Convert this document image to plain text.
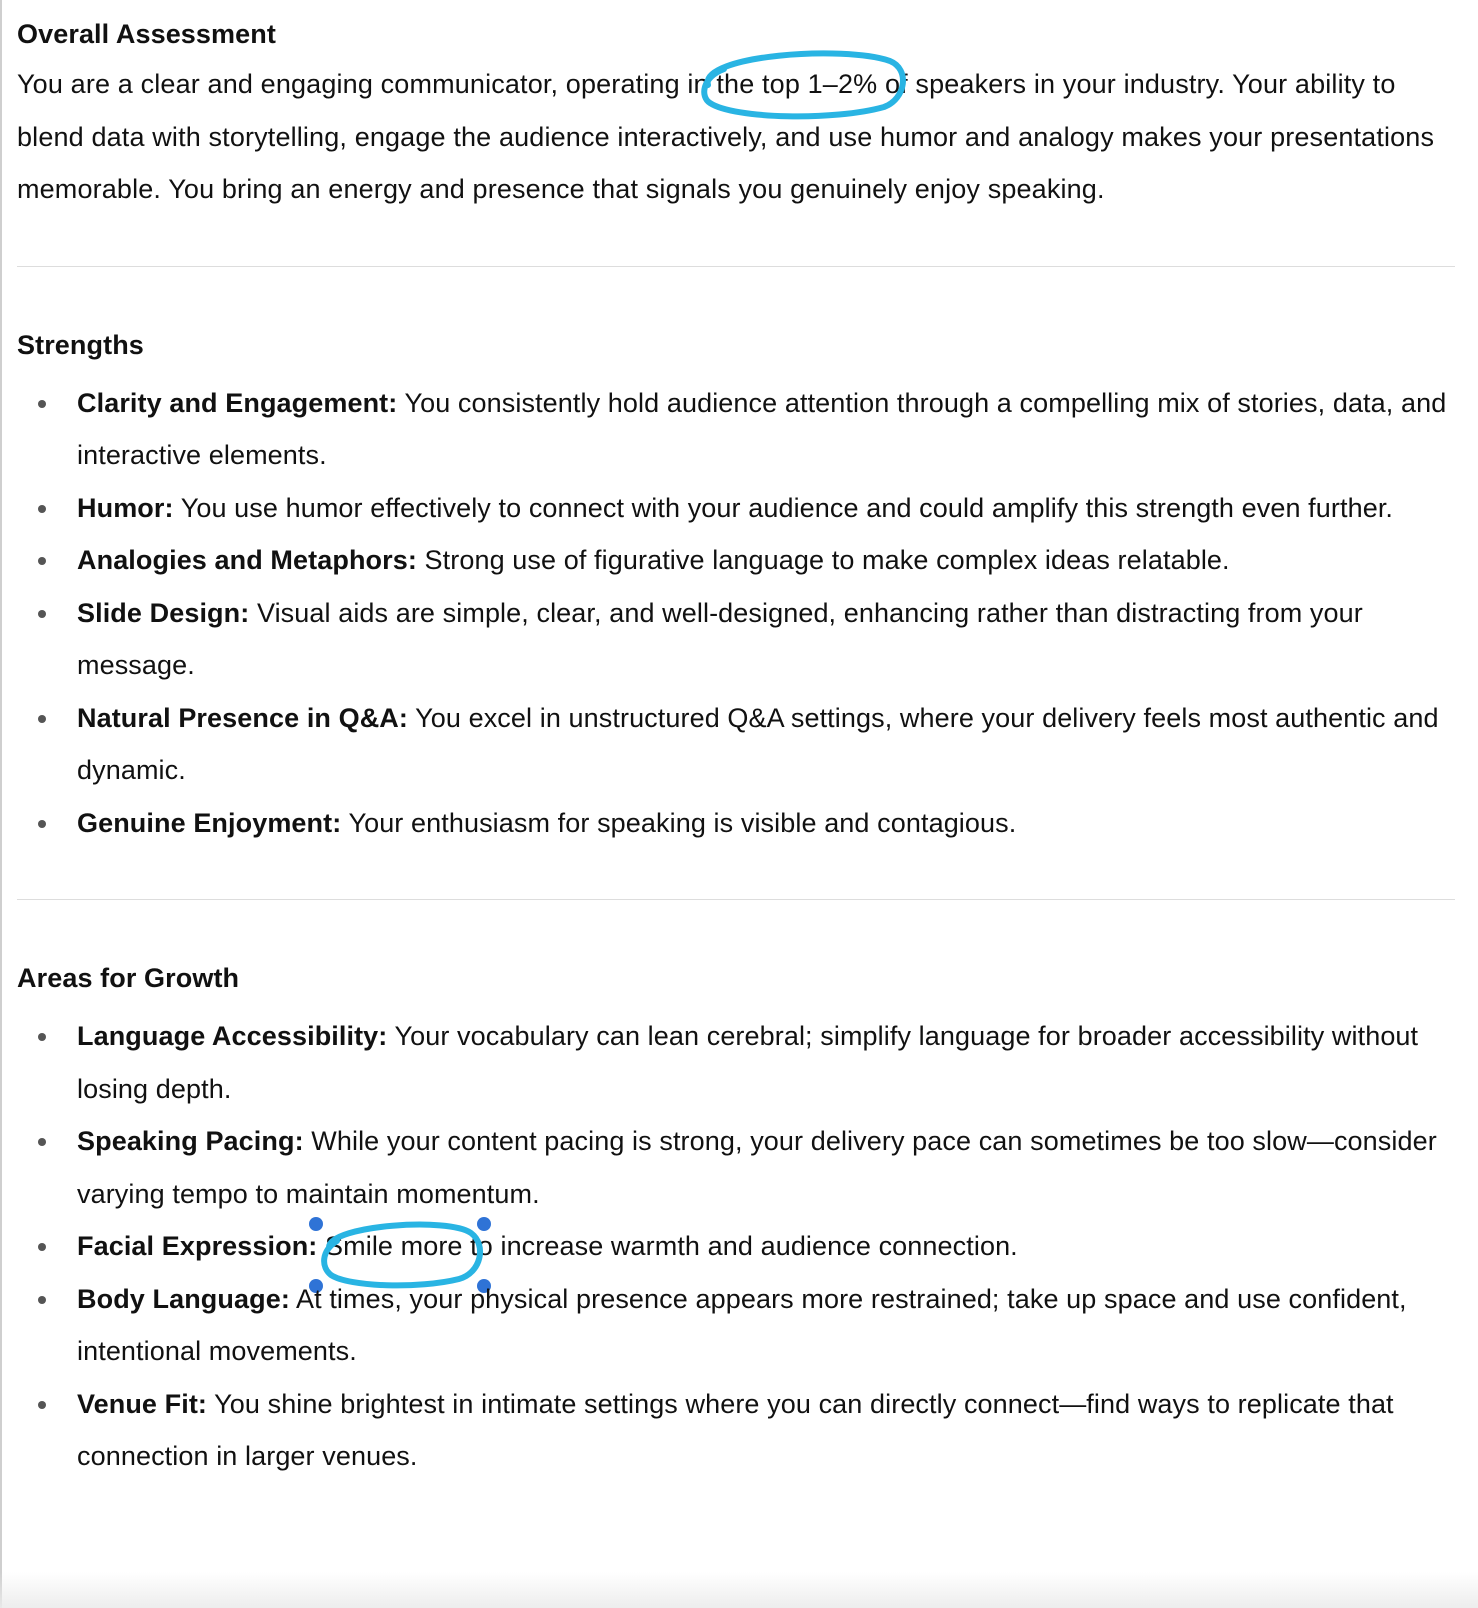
Overall Assessment

You are a clear and engaging communicator, operating in the top 1–2%
of speakers in your industry. Your ability to blend data with storytelling, engage the audience interactively, and use humor and analogy makes your presentations memorable. You bring an energy and presence that signals you genuinely enjoy speaking.

Strengths
Clarity and Engagement: You consistently hold audience attention through a compelling mix of stories, data, and interactive elements.
Humor: You use humor effectively to connect with your audience and could amplify this strength even further.
Analogies and Metaphors: Strong use of figurative language to make complex ideas relatable.
Slide Design: Visual aids are simple, clear, and well-designed, enhancing rather than distracting from your message.
Natural Presence in Q&A: You excel in unstructured Q&A settings, where your delivery feels most authentic and dynamic.
Genuine Enjoyment: Your enthusiasm for speaking is visible and contagious.
Areas for Growth
Language Accessibility: Your vocabulary can lean cerebral; simplify language for broader accessibility without losing depth.
Speaking Pacing: While your content pacing is strong, your delivery pace can sometimes be too slow—consider varying tempo to maintain momentum.
Facial Expression: Smile more
to increase warmth and audience connection.
Body Language: At times, your physical presence appears more restrained; take up space and use confident, intentional movements.
Venue Fit: You shine brightest in intimate settings where you can directly connect—find ways to replicate that connection in larger venues.
